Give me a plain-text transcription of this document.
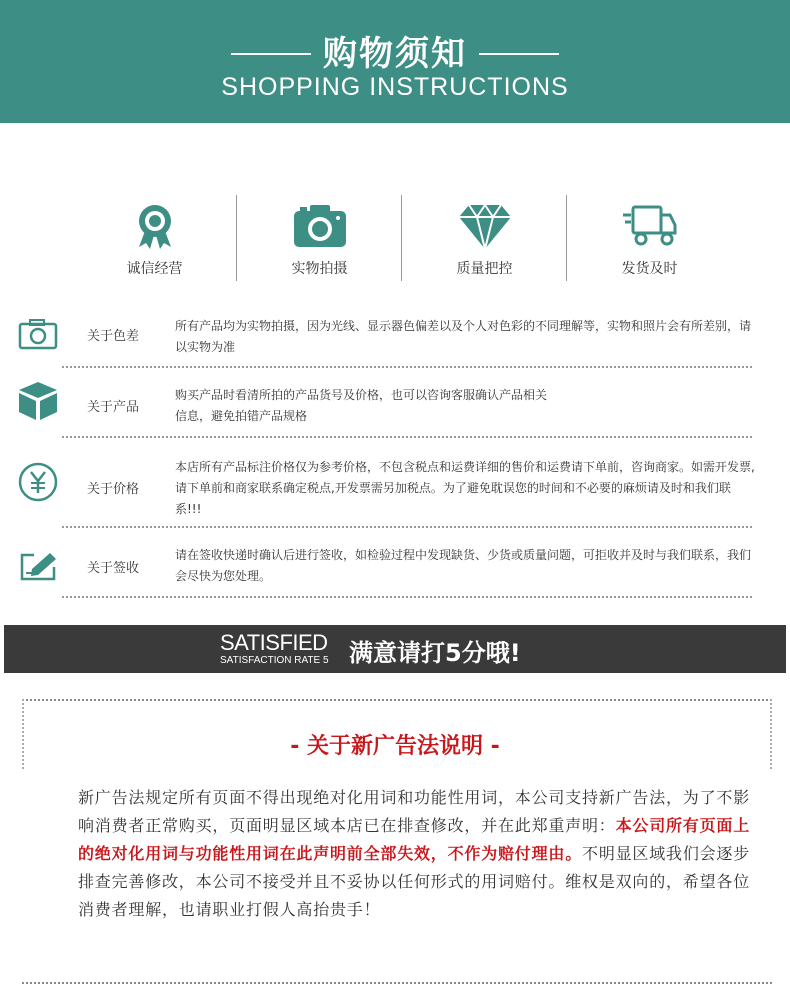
购物须知
SHOPPING INSTRUCTIONS
诚信经营	实物拍摄	质量把控	发货及时
关于色差
所有产品均为实物拍摄，因为光线、显示器色偏差以及个人对色彩的不同理解等，实物和照片会有所差别，请以实物为准
关于产品
购买产品时看清所拍的产品货号及价格，也可以咨询客服确认产品相关
信息，避免拍错产品规格
关于价格
本店所有产品标注价格仅为参考价格，不包含税点和运费详细的售价和运费请下单前，咨询商家。如需开发票,请下单前和商家联系确定税点,开发票需另加税点。为了避免耽误您的时间和不必要的麻烦请及时和我们联系!!!
关于签收
请在签收快递时确认后进行签收，如检验过程中发现缺货、少货或质量问题，可拒收并及时与我们联系，我们会尽快为您处理。
SATISFIED
SATISFACTION RATE 5 满意请打5分哦!
- 关于新广告法说明 -
新广告法规定所有页面不得出现绝对化用词和功能性用词，本公司支持新广告法，为了不影响消费者正常购买，页面明显区域本店已在排查修改，并在此郑重声明：本公司所有页面上的绝对化用词与功能性用词在此声明前全部失效，不作为赔付理由。不明显区域我们会逐步排查完善修改，本公司不接受并且不妥协以任何形式的用词赔付。维权是双向的，希望各位消费者理解，也请职业打假人高抬贵手！
